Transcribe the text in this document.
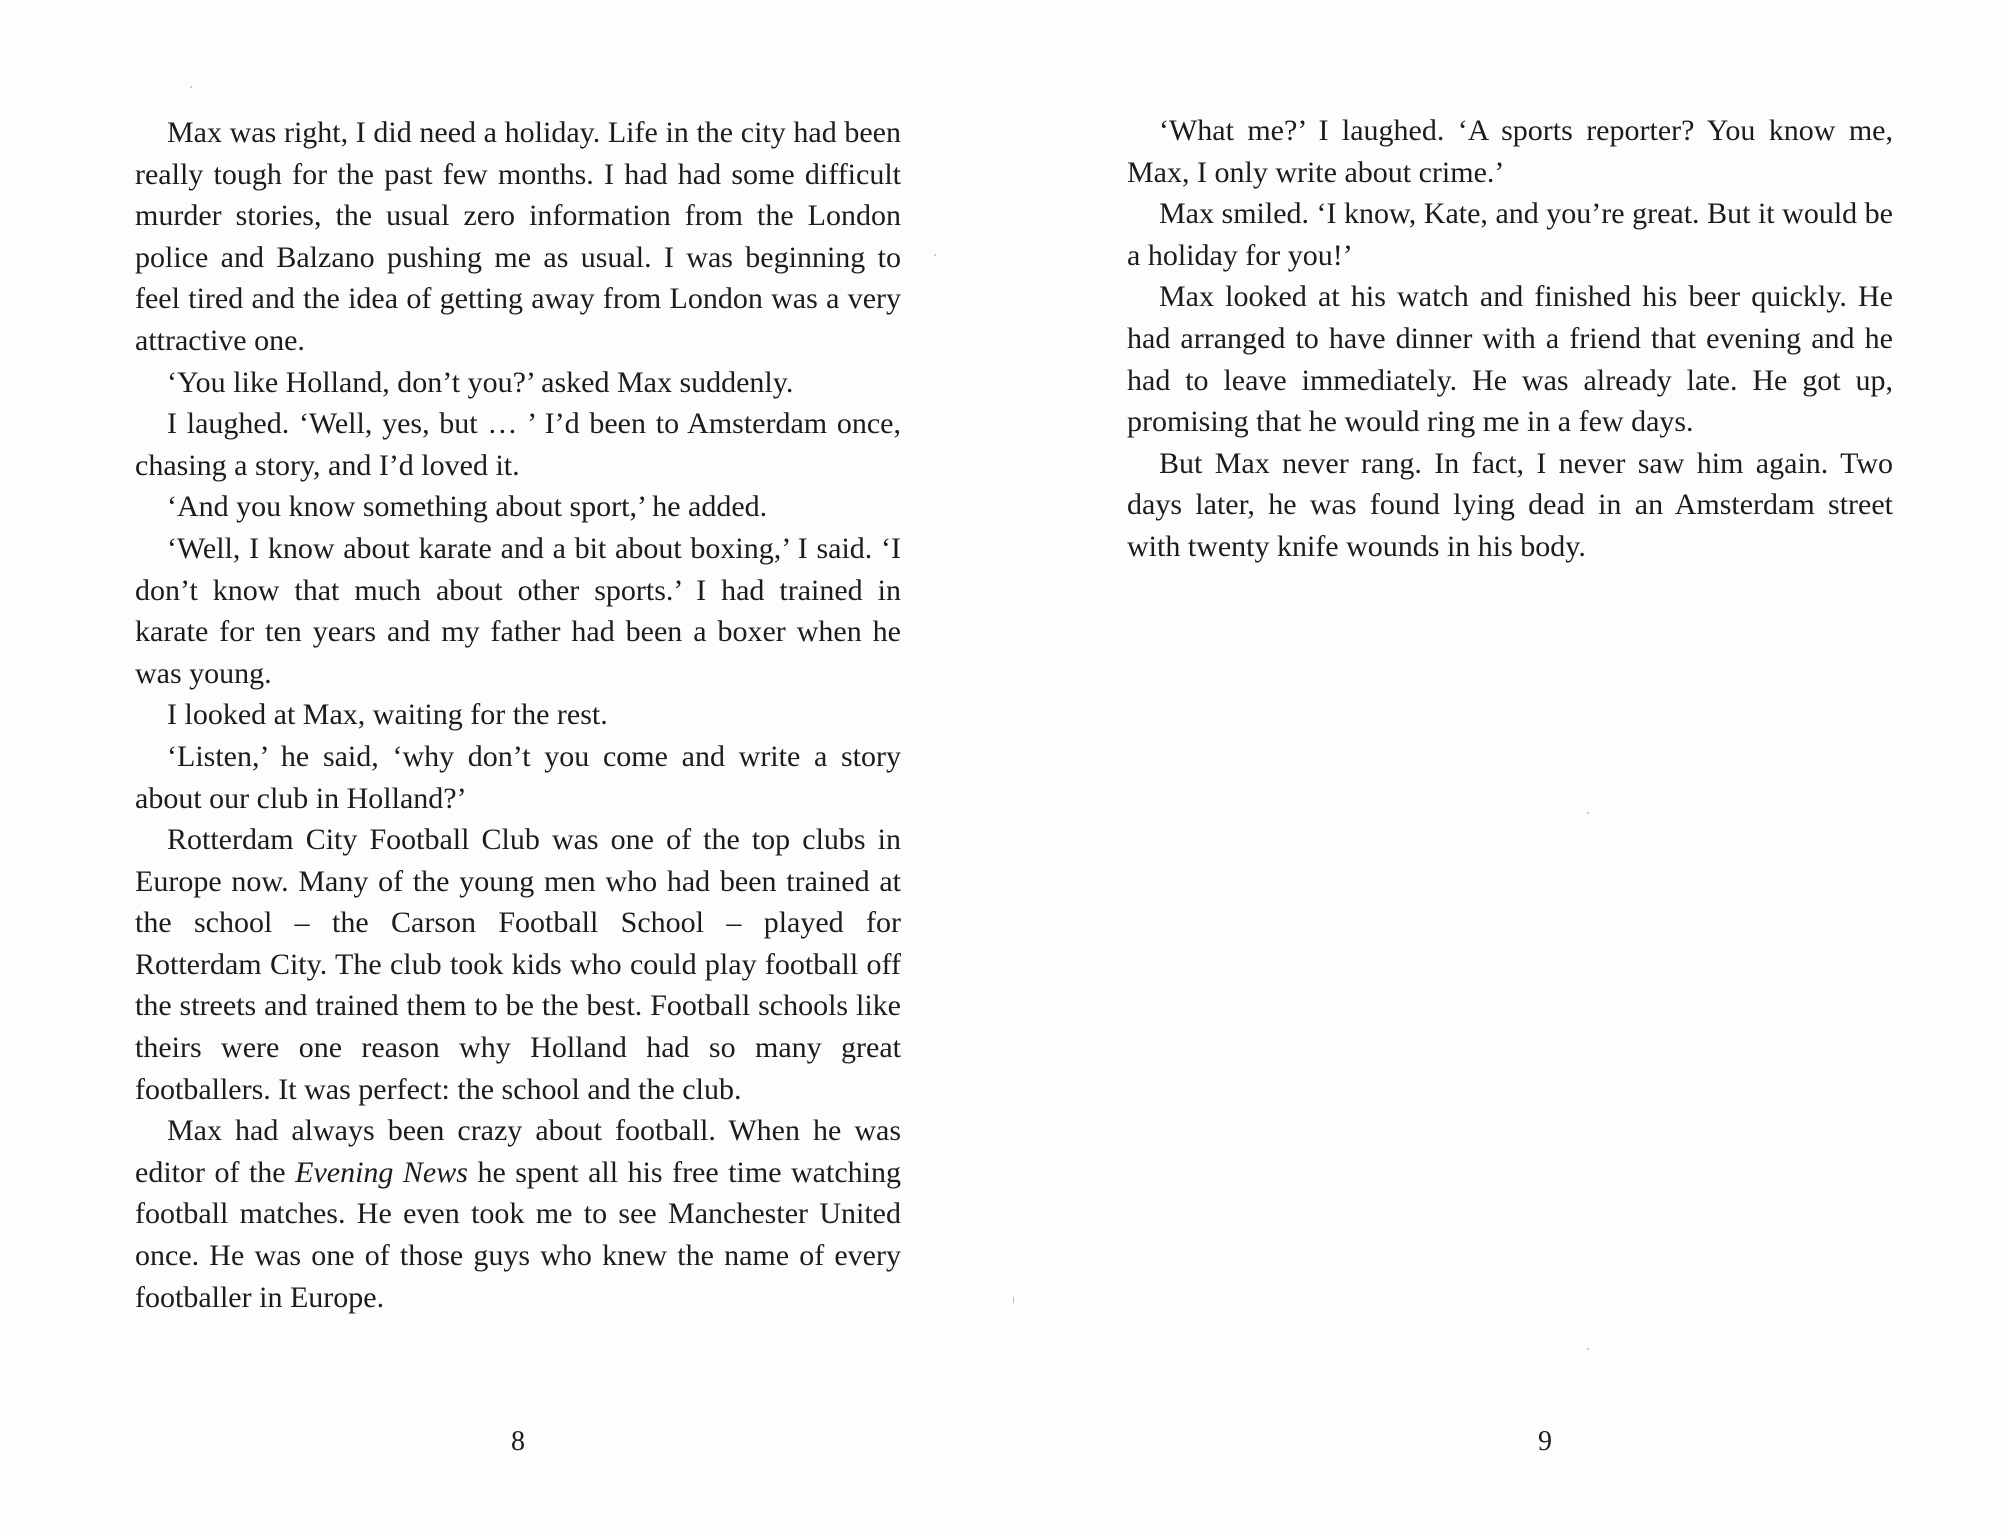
Max was right, I did need a holiday. Life in the city had been really tough for the past few months. I had had some difficult murder stories, the usual zero information from the London police and Balzano pushing me as usual. I was beginning to feel tired and the idea of getting away from London was a very attractive one.

‘You like Holland, don’t you?’ asked Max suddenly.

I laughed. ‘Well, yes, but … ’ I’d been to Amsterdam once, chasing a story, and I’d loved it.

‘And you know something about sport,’ he added.

‘Well, I know about karate and a bit about boxing,’ I said. ‘I don’t know that much about other sports.’ I had trained in karate for ten years and my father had been a boxer when he was young.

I looked at Max, waiting for the rest.

‘Listen,’ he said, ‘why don’t you come and write a story about our club in Holland?’

Rotterdam City Football Club was one of the top clubs in Europe now. Many of the young men who had been trained at the school – the Carson Football School – played for Rotterdam City. The club took kids who could play football off the streets and trained them to be the best. Football schools like theirs were one reason why Holland had so many great footballers. It was perfect: the school and the club.

Max had always been crazy about football. When he was editor of the Evening News he spent all his free time watching football matches. He even took me to see Manchester United once. He was one of those guys who knew the name of every footballer in Europe.

8

‘What me?’ I laughed. ‘A sports reporter? You know me, Max, I only write about crime.’

Max smiled. ‘I know, Kate, and you’re great. But it would be a holiday for you!’

Max looked at his watch and finished his beer quickly. He had arranged to have dinner with a friend that evening and he had to leave immediately. He was already late. He got up, promising that he would ring me in a few days.

But Max never rang. In fact, I never saw him again. Two days later, he was found lying dead in an Amsterdam street with twenty knife wounds in his body.

9
